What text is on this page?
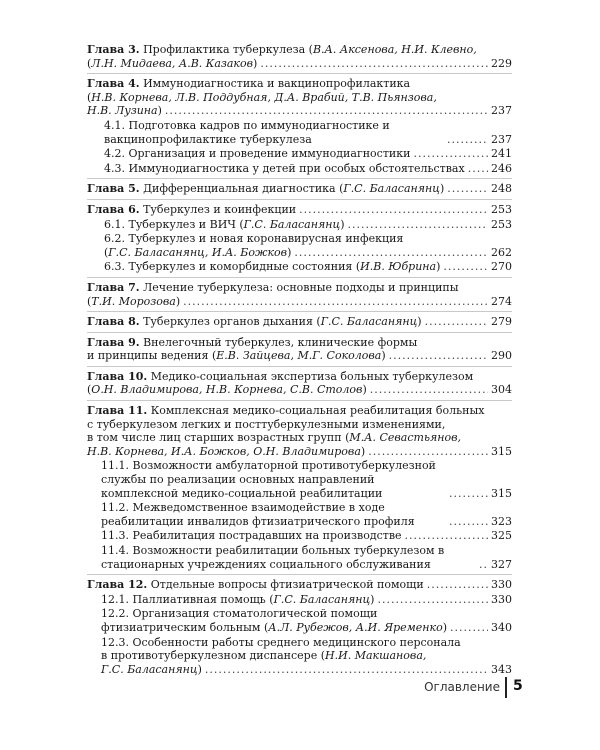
Глава 3. Профилактика туберкулеза (В.А. Аксенова, Н.И. Клевно,
(Л.Н. Мидаева, А.В. Казаков) .....	229
Глава 4. Иммунодиагностика и вакцинопрофилактика
(Н.В. Корнева, Л.В. Поддубная, Д.А. Врабий, Т.В. Пьянзова,
Н.В. Лузина) .....	237
4.1. Подготовка кадров по иммунодиагностике и вакцинопрофилактике туберкулеза .....	237
4.2. Организация и проведение иммунодиагностики .....	241
4.3. Иммунодиагностика у детей при особых обстоятельствах ..... 246
Глава 5. Дифференциальная диагностика (Г.С. Баласанянц) .....	248
Глава 6. Туберкулез и коинфекции .....	253
6.1. Туберкулез и ВИЧ (Г.С. Баласанянц) .....	253
6.2. Туберкулез и новая коронавирусная инфекция
(Г.С. Баласанянц, И.А. Божков) .....	262
6.3. Туберкулез и коморбидные состояния (И.В. Юбрина) .....	270
Глава 7. Лечение туберкулеза: основные подходы и принципы
(Т.И. Морозова) .....	274
Глава 8. Туберкулез органов дыхания (Г.С. Баласанянц) .....	279
Глава 9. Внелегочный туберкулез, клинические формы
и принципы ведения (Е.В. Зайцева, М.Г. Соколова) .....	290
Глава 10. Медико-социальная экспертиза больных туберкулезом
(О.Н. Владимирова, Н.В. Корнева, С.В. Столов) .....	304
Глава 11. Комплексная медико-социальная реабилитация больных
с туберкулезом легких и посттуберкулезными изменениями,
в том числе лиц старших возрастных групп (М.А. Севастьянов,
Н.В. Корнева, И.А. Божков, О.Н. Владимирова) .....	315
11.1. Возможности амбулаторной противотуберкулезной службы по реализации основных направлений комплексной медико-социальной реабилитации .....	315
11.2. Межведомственное взаимодействие в ходе реабилитации инвалидов фтизиатрического профиля .....	323
11.3. Реабилитация пострадавших на производстве .....	325
11.4. Возможности реабилитации больных туберкулезом в стационарных учреждениях социального обслуживания .....	327
Глава 12. Отдельные вопросы фтизиатрической помощи .....	330
12.1. Паллиативная помощь (Г.С. Баласанянц) .....	330
12.2. Организация стоматологической помощи
фтизиатрическим больным (А.Л. Рубежов, А.И. Яременко) .....	340
12.3. Особенности работы среднего медицинского персонала
в противотуберкулезном диспансере (Н.И. Макшанова,
Г.С. Баласанянц) .....	343
Оглавление 5
